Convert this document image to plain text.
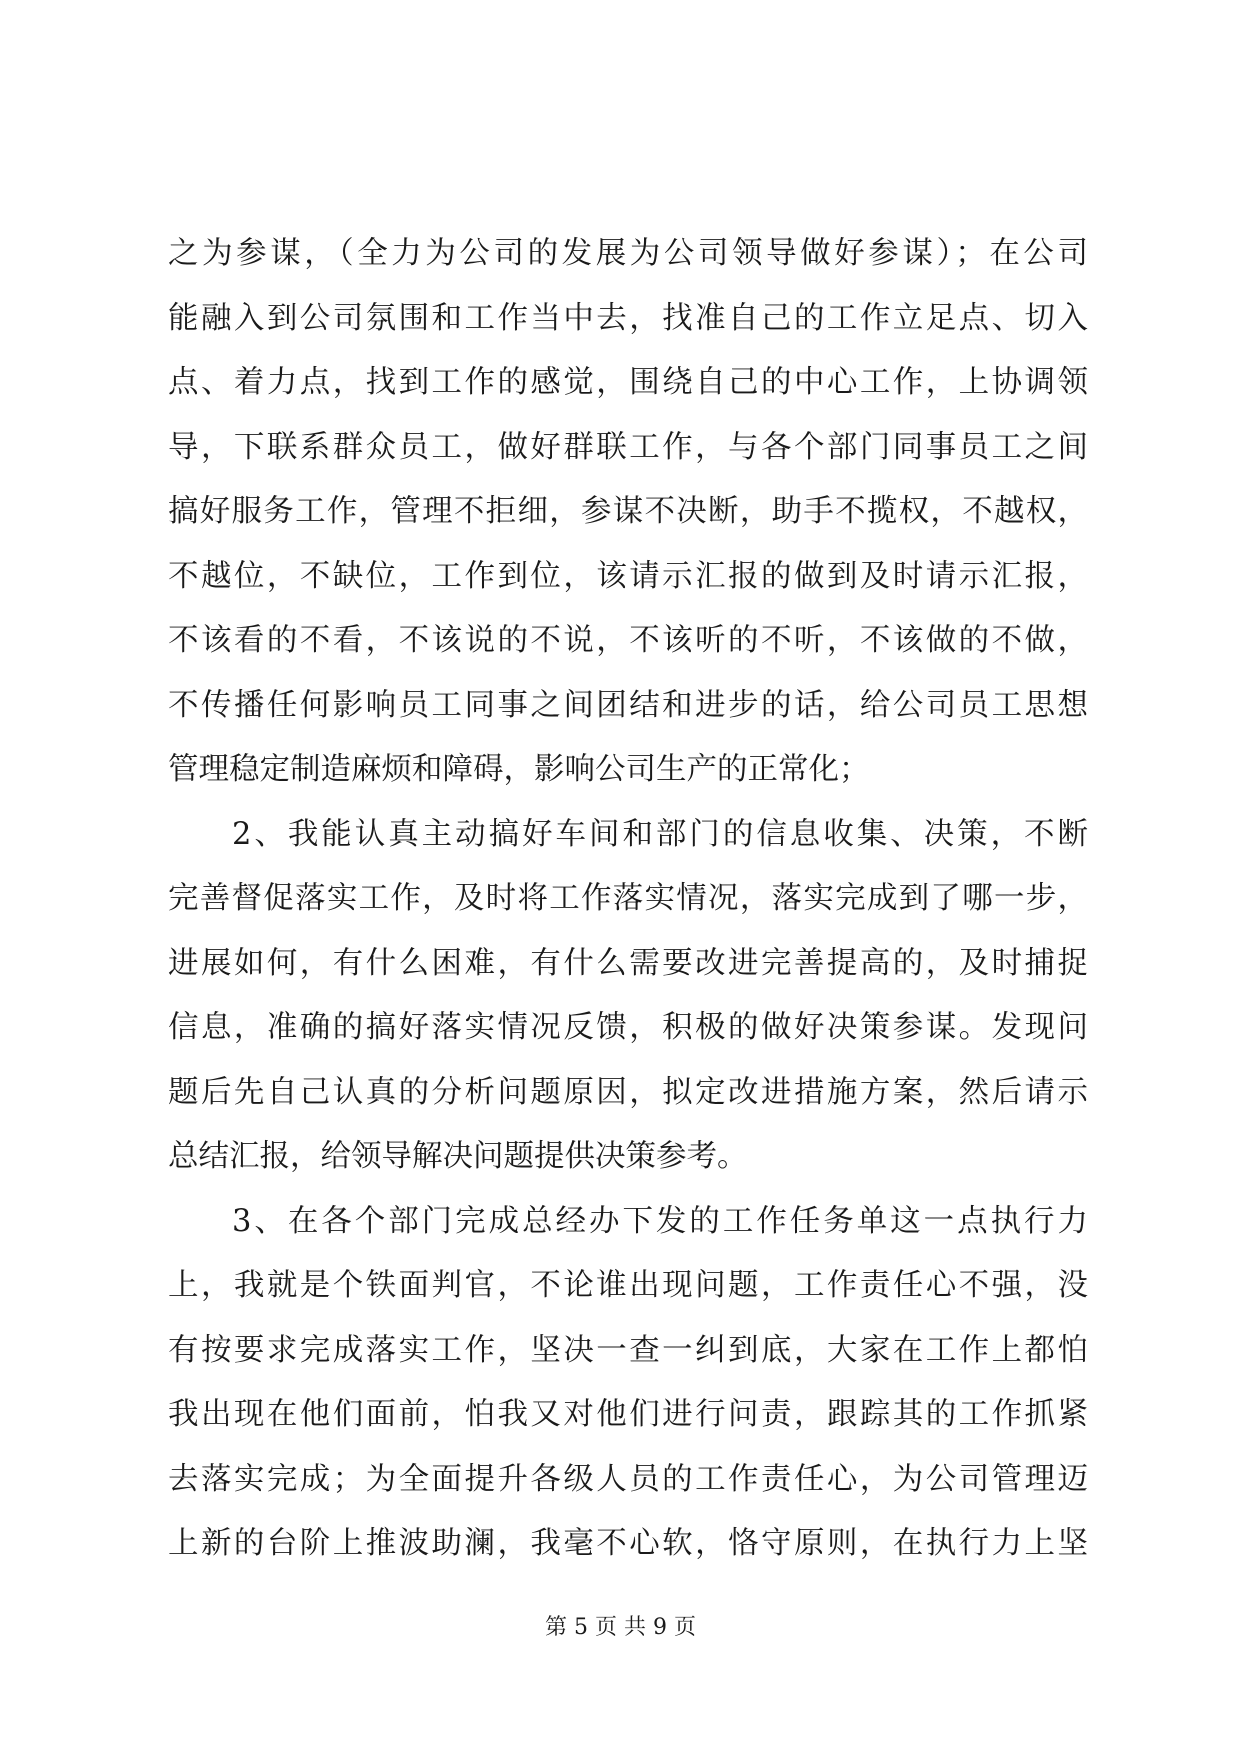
之为参谋，（全力为公司的发展为公司领导做好参谋）；在公司
能融入到公司氛围和工作当中去，找准自己的工作立足点、切入
点、着力点，找到工作的感觉，围绕自己的中心工作，上协调领
导，下联系群众员工，做好群联工作，与各个部门同事员工之间
搞好服务工作，管理不拒细，参谋不决断，助手不揽权，不越权，
不越位，不缺位，工作到位，该请示汇报的做到及时请示汇报，
不该看的不看，不该说的不说，不该听的不听，不该做的不做，
不传播任何影响员工同事之间团结和进步的话，给公司员工思想
管理稳定制造麻烦和障碍，影响公司生产的正常化；
2、我能认真主动搞好车间和部门的信息收集、决策，不断
完善督促落实工作，及时将工作落实情况，落实完成到了哪一步，
进展如何，有什么困难，有什么需要改进完善提高的，及时捕捉
信息，准确的搞好落实情况反馈，积极的做好决策参谋。发现问
题后先自己认真的分析问题原因，拟定改进措施方案，然后请示
总结汇报，给领导解决问题提供决策参考。
3、在各个部门完成总经办下发的工作任务单这一点执行力
上，我就是个铁面判官，不论谁出现问题，工作责任心不强，没
有按要求完成落实工作，坚决一查一纠到底，大家在工作上都怕
我出现在他们面前，怕我又对他们进行问责，跟踪其的工作抓紧
去落实完成；为全面提升各级人员的工作责任心，为公司管理迈
上新的台阶上推波助澜，我毫不心软，恪守原则，在执行力上坚
第 5 页 共 9 页
